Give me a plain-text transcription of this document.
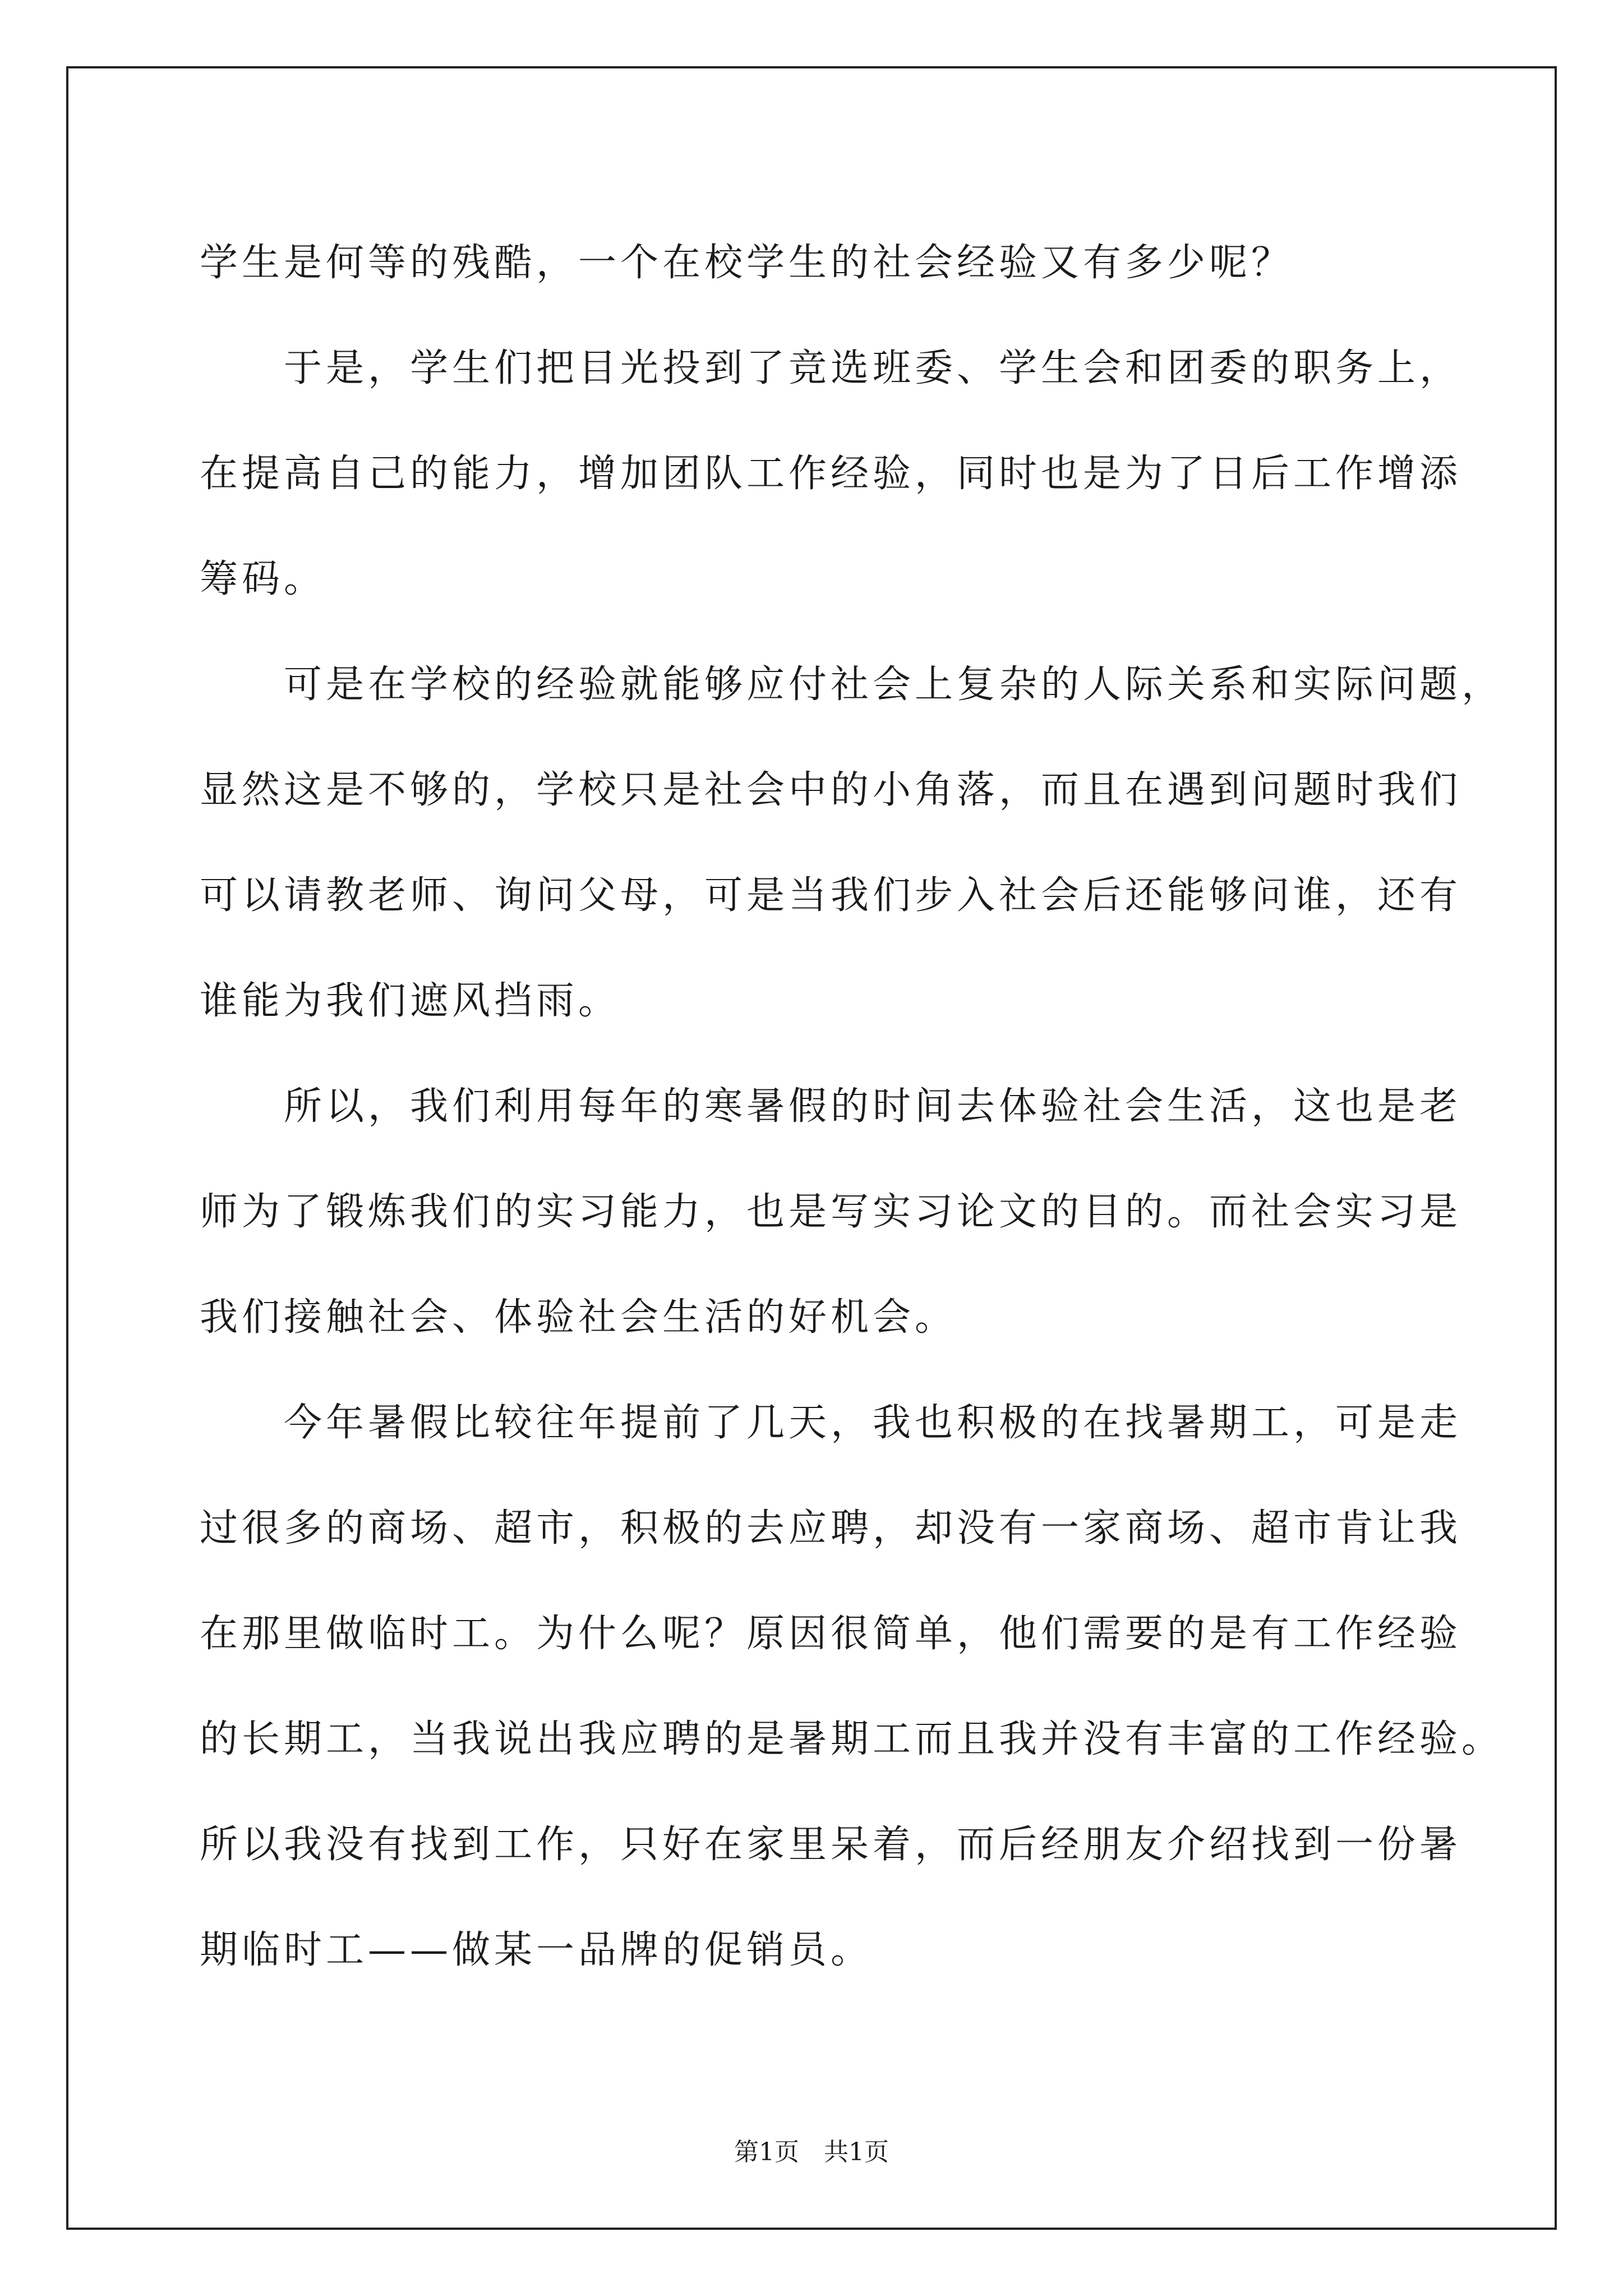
学生是何等的残酷，一个在校学生的社会经验又有多少呢？
　　于是，学生们把目光投到了竞选班委、学生会和团委的职务上，
在提高自己的能力，增加团队工作经验，同时也是为了日后工作增添
筹码。
　　可是在学校的经验就能够应付社会上复杂的人际关系和实际问题，
显然这是不够的，学校只是社会中的小角落，而且在遇到问题时我们
可以请教老师、询问父母，可是当我们步入社会后还能够问谁，还有
谁能为我们遮风挡雨。
　　所以，我们利用每年的寒暑假的时间去体验社会生活，这也是老
师为了锻炼我们的实习能力，也是写实习论文的目的。而社会实习是
我们接触社会、体验社会生活的好机会。
　　今年暑假比较往年提前了几天，我也积极的在找暑期工，可是走
过很多的商场、超市，积极的去应聘，却没有一家商场、超市肯让我
在那里做临时工。为什么呢？原因很简单，他们需要的是有工作经验
的长期工，当我说出我应聘的是暑期工而且我并没有丰富的工作经验。
所以我没有找到工作，只好在家里呆着，而后经朋友介绍找到一份暑
期临时工——做某一品牌的促销员。
第1页　共1页
